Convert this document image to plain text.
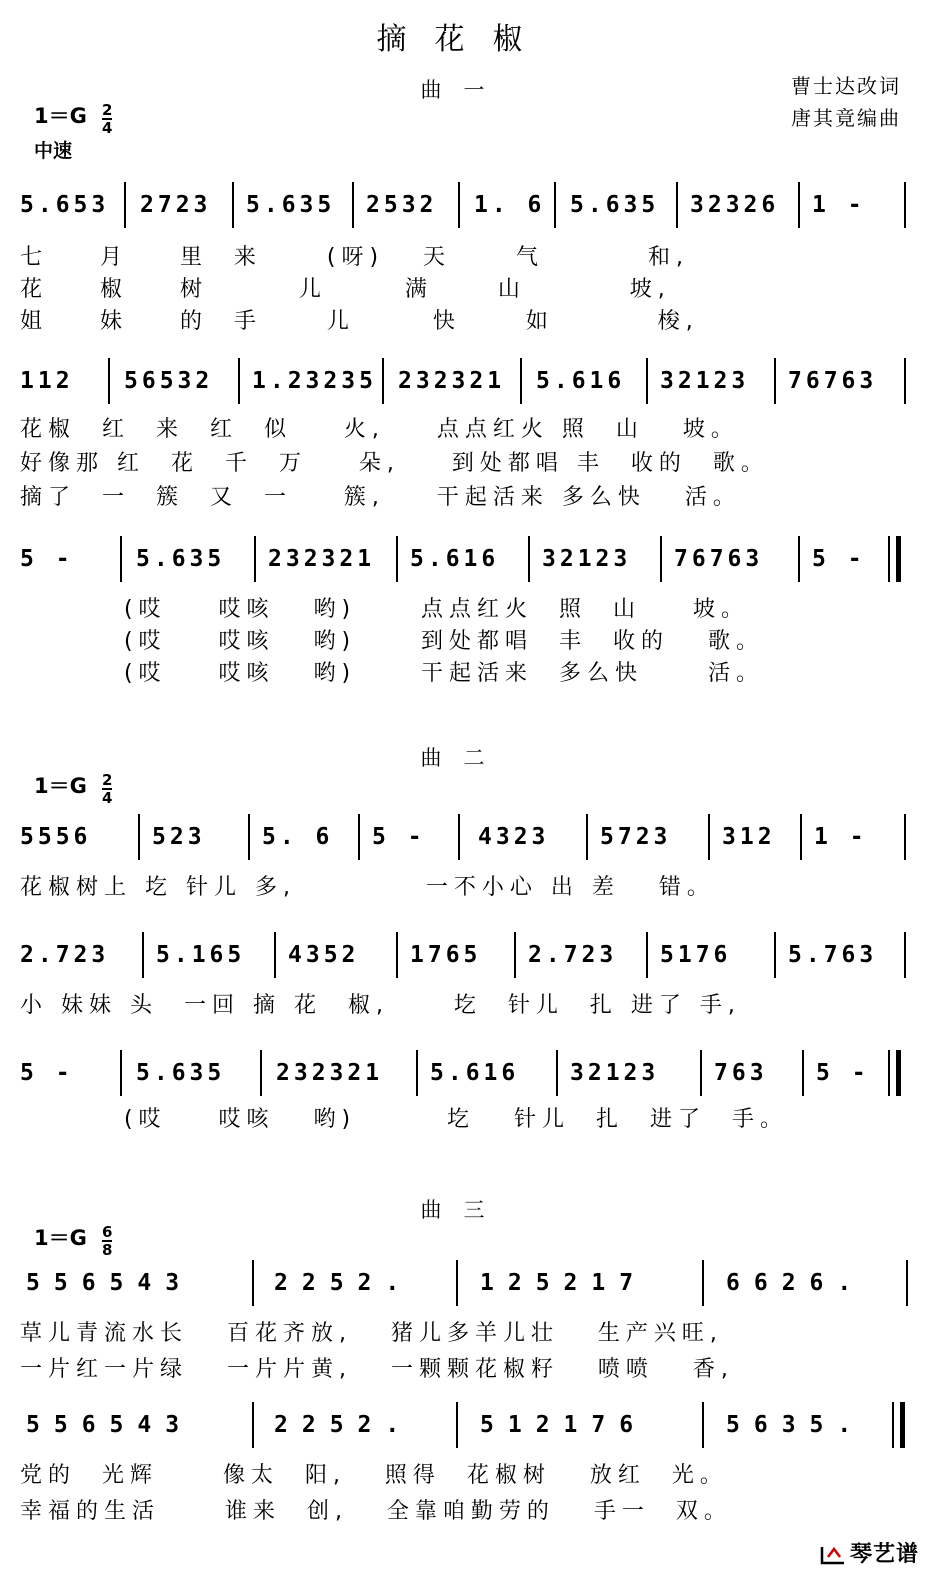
摘花椒
曹士达改词
唐其竟编曲
曲一
$1=G \frac{2}{4}$
中速
5.653 2723 5.635 2532 1. 6 5.635 32326 1 -
七    月    里  来     (呀)   天     气        和,
花    椒    树       儿      满     山        坡,
姐    妹    的  手     儿      快     如        梭,
112 56532 1.23235 232321 5.616 32123 76763
花椒  红  来  红  似    火,    点点红火 照  山   坡。
好像那 红  花  千  万    朵,    到处都唱 丰  收的  歌。
摘了  一  簇  又  一    簇,    干起活来 多么快   活。
5 -	5.635 232321 5.616 32123 76763 5 -
(哎    哎咳   哟)     点点红火  照  山    坡。
(哎    哎咳   哟)     到处都唱  丰  收的   歌。
(哎    哎咳   哟)     干起活来  多么快     活。
曲二
$1=G \frac{2}{4}$
5556	523 5. 6 5 - 4323 5723 312 1 -
花椒树上 圪 针儿 多,          一不小心 出 差   错。
2.723 5.165 4352 1765 2.723 5176 5.763
小 妹妹 头  一回 摘 花  椒,     圪  针儿  扎 进了 手,
5 -	5.635 232321 5.616 32123 763 5 -
(哎    哎咳   哟)       圪   针儿  扎  进了  手。
曲三
$1=G \frac{6}{8}$
556543	2252.	125217	6626.
草儿青流水长   百花齐放,   猪儿多羊儿壮   生产兴旺,
一片红一片绿   一片片黄,   一颗颗花椒籽   喷喷   香,
556543	2252.	512176	5635.
党的  光辉     像太  阳,   照得  花椒树   放红  光。
幸福的生活     谁来  创,   全靠咱勤劳的   手一  双。
琴艺谱
